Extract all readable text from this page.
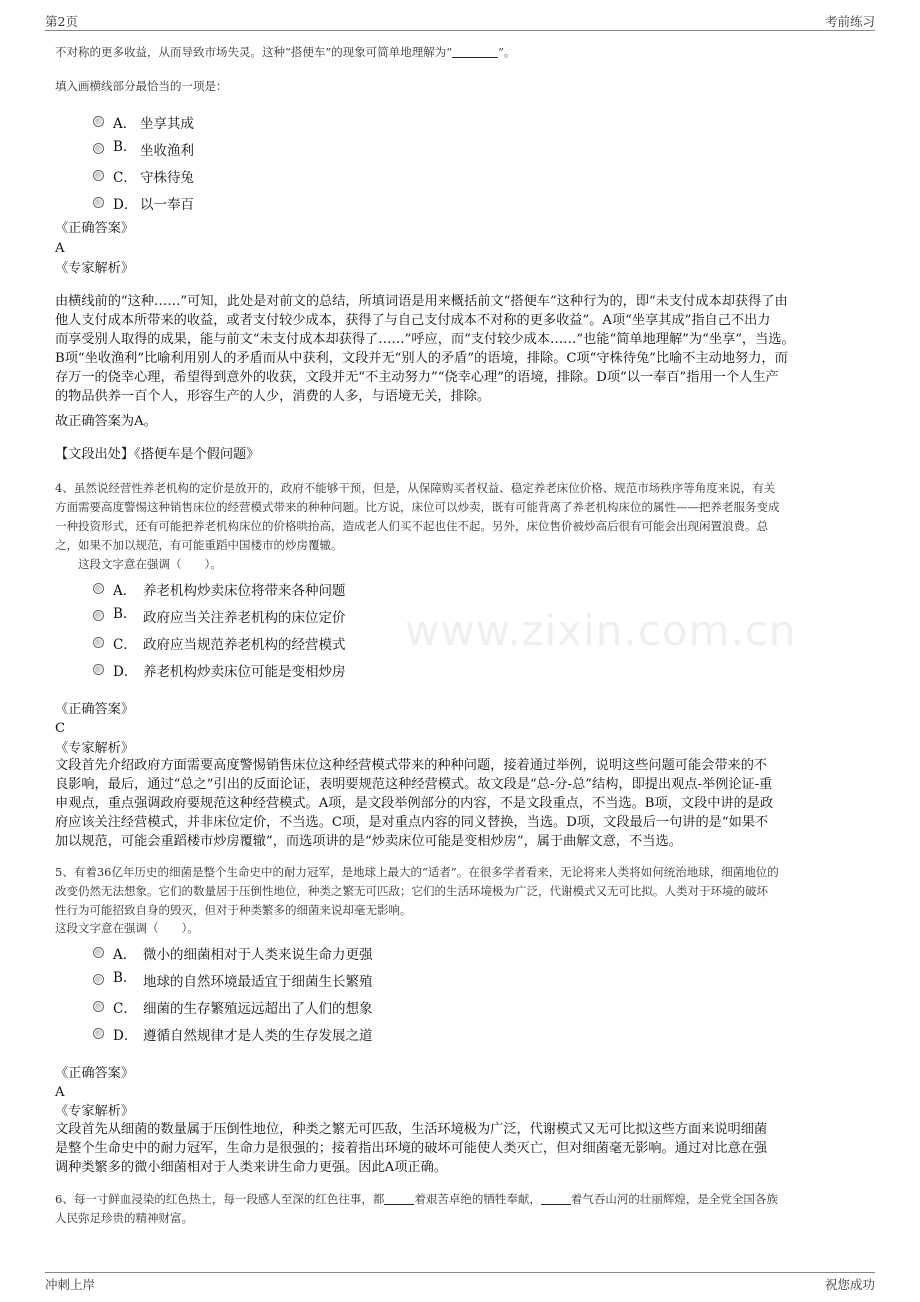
第2页	考前练习
www.zixin.com.cn
不对称的更多收益，从而导致市场失灵。这种“搭便车”的现象可简单地理解为“	”。
填入画横线部分最恰当的一项是：
A． 坐享其成
B. 坐收渔利
C． 守株待兔
D． 以一奉百
《正确答案》
A
《专家解析》
由横线前的“这种……”可知，此处是对前文的总结，所填词语是用来概括前文“搭便车”这种行为的，即“未支付成本却获得了由
他人支付成本所带来的收益，或者支付较少成本，获得了与自己支付成本不对称的更多收益”。A项“坐享其成”指自己不出力
而享受别人取得的成果，能与前文“未支付成本却获得了……”呼应，而“支付较少成本……”也能“简单地理解”为“坐享”，当选。
B项“坐收渔利”比喻利用别人的矛盾而从中获利，文段并无“别人的矛盾”的语境，排除。C项“守株待兔”比喻不主动地努力，而
存万一的侥幸心理，希望得到意外的收获，文段并无“不主动努力”“侥幸心理”的语境，排除。D项“以一奉百”指用一个人生产
的物品供养一百个人，形容生产的人少，消费的人多，与语境无关，排除。
故正确答案为A。
【文段出处】《搭便车是个假问题》
4、虽然说经营性养老机构的定价是放开的，政府不能够干预，但是，从保障购买者权益、稳定养老床位价格、规范市场秩序等角度来说，有关
方面需要高度警惕这种销售床位的经营模式带来的种种问题。比方说，床位可以炒卖，既有可能背离了养老机构床位的属性——把养老服务变成
一种投资形式，还有可能把养老机构床位的价格哄抬高，造成老人们买不起也住不起。另外，床位售价被炒高后很有可能会出现闲置浪费。总
之，如果不加以规范，有可能重蹈中国楼市的炒房覆辙。
这段文字意在强调（　　）。
A． 养老机构炒卖床位将带来各种问题
B. 政府应当关注养老机构的床位定价
C． 政府应当规范养老机构的经营模式
D． 养老机构炒卖床位可能是变相炒房
《正确答案》
C
《专家解析》
文段首先介绍政府方面需要高度警惕销售床位这种经营模式带来的种种问题，接着通过举例，说明这些问题可能会带来的不
良影响，最后，通过“总之”引出的反面论证，表明要规范这种经营模式。故文段是“总-分-总”结构，即提出观点-举例论证-重
申观点，重点强调政府要规范这种经营模式。A项，是文段举例部分的内容，不是文段重点，不当选。B项，文段中讲的是政
府应该关注经营模式，并非床位定价，不当选。C项，是对重点内容的同义替换，当选。D项，文段最后一句讲的是“如果不
加以规范，可能会重蹈楼市炒房覆辙”，而选项讲的是“炒卖床位可能是变相炒房”，属于曲解文意，不当选。
5、有着36亿年历史的细菌是整个生命史中的耐力冠军，是地球上最大的“适者”。在很多学者看来，无论将来人类将如何统治地球，细菌地位的
改变仍然无法想象。它们的数量居于压倒性地位，种类之繁无可匹敌；它们的生活环境极为广泛，代谢模式又无可比拟。人类对于环境的破坏
性行为可能招致自身的毁灭，但对于种类繁多的细菌来说却毫无影响。
这段文字意在强调（　　）。
A． 微小的细菌相对于人类来说生命力更强
B. 地球的自然环境最适宜于细菌生长繁殖
C． 细菌的生存繁殖远远超出了人们的想象
D． 遵循自然规律才是人类的生存发展之道
《正确答案》
A
《专家解析》
文段首先从细菌的数量属于压倒性地位，种类之繁无可匹敌，生活环境极为广泛，代谢模式又无可比拟这些方面来说明细菌
是整个生命史中的耐力冠军，生命力是很强的；接着指出环境的破坏可能使人类灭亡，但对细菌毫无影响。通过对比意在强
调种类繁多的微小细菌相对于人类来讲生命力更强。因此A项正确。
6、每一寸鲜血浸染的红色热土，每一段感人至深的红色往事，都	着艰苦卓绝的牺牲奉献，	着气吞山河的壮丽辉煌，是全党全国各族
人民弥足珍贵的精神财富。
冲刺上岸	祝您成功
